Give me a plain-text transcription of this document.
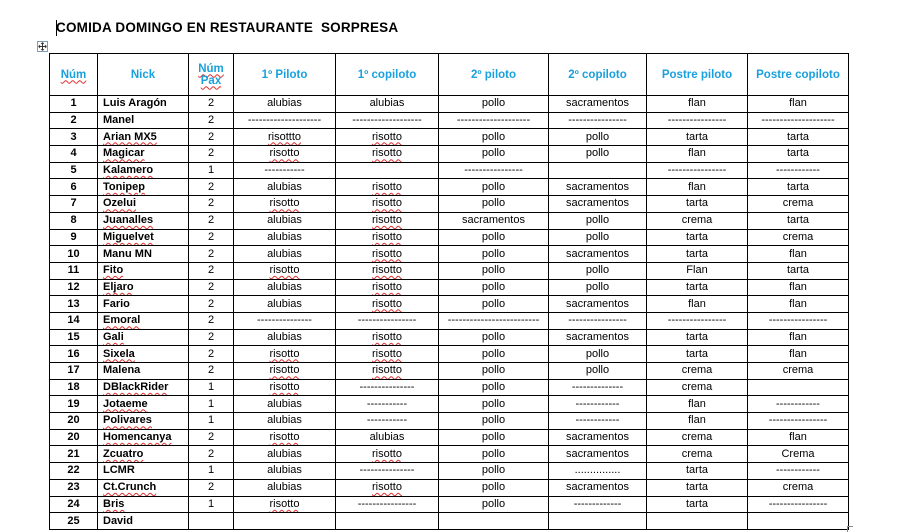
COMIDA DOMINGO EN RESTAURANTE  SORPRESA
Núm	Nick	Núm Pax	1º Piloto	1º copiloto	2º piloto	2º copiloto	Postre piloto	Postre copiloto
1	Luis Aragón	2	alubias	alubias	pollo	sacramentos	flan	flan
2	Manel	2	--------------------	-------------------	--------------------	----------------	----------------	--------------------
3	Arian MX5	2	risottto	risotto	pollo	pollo	tarta	tarta
4	Magicar	2	risotto	risotto	pollo	pollo	flan	tarta
5	Kalamero	1	-----------		----------------		----------------	------------
6	Tonipep	2	alubias	risotto	pollo	sacramentos	flan	tarta
7	Ozelui	2	risotto	risotto	pollo	sacramentos	tarta	crema
8	Juanalles	2	alubias	risotto	sacramentos	pollo	crema	tarta
9	Miguelvet	2	alubias	risotto	pollo	pollo	tarta	crema
10	Manu MN	2	alubias	risotto	pollo	sacramentos	tarta	flan
11	Fito	2	risotto	risotto	pollo	pollo	Flan	tarta
12	Eljaro	2	alubias	risotto	pollo	pollo	tarta	flan
13	Fario	2	alubias	risotto	pollo	sacramentos	flan	flan
14	Emoral	2	---------------	----------------	-------------------------	----------------	----------------	----------------
15	Gali	2	alubias	risotto	pollo	sacramentos	tarta	flan
16	Sixela	2	risotto	risotto	pollo	pollo	tarta	flan
17	Malena	2	risotto	risotto	pollo	pollo	crema	crema
18	DBlackRider	1	risotto	---------------	pollo	--------------	crema	
19	Jotaeme	1	alubias	-----------	pollo	------------	flan	------------
20	Polivares	1	alubias	-----------	pollo	------------	flan	----------------
20	Homencanya	2	risotto	alubias	pollo	sacramentos	crema	flan
21	Zcuatro	2	alubias	risotto	pollo	sacramentos	crema	Crema
22	LCMR	1	alubias	---------------	pollo	...............	tarta	------------
23	Ct.Crunch	2	alubias	risotto	pollo	sacramentos	tarta	crema
24	Bris	1	risotto	----------------	pollo	-------------	tarta	----------------
25	David							
